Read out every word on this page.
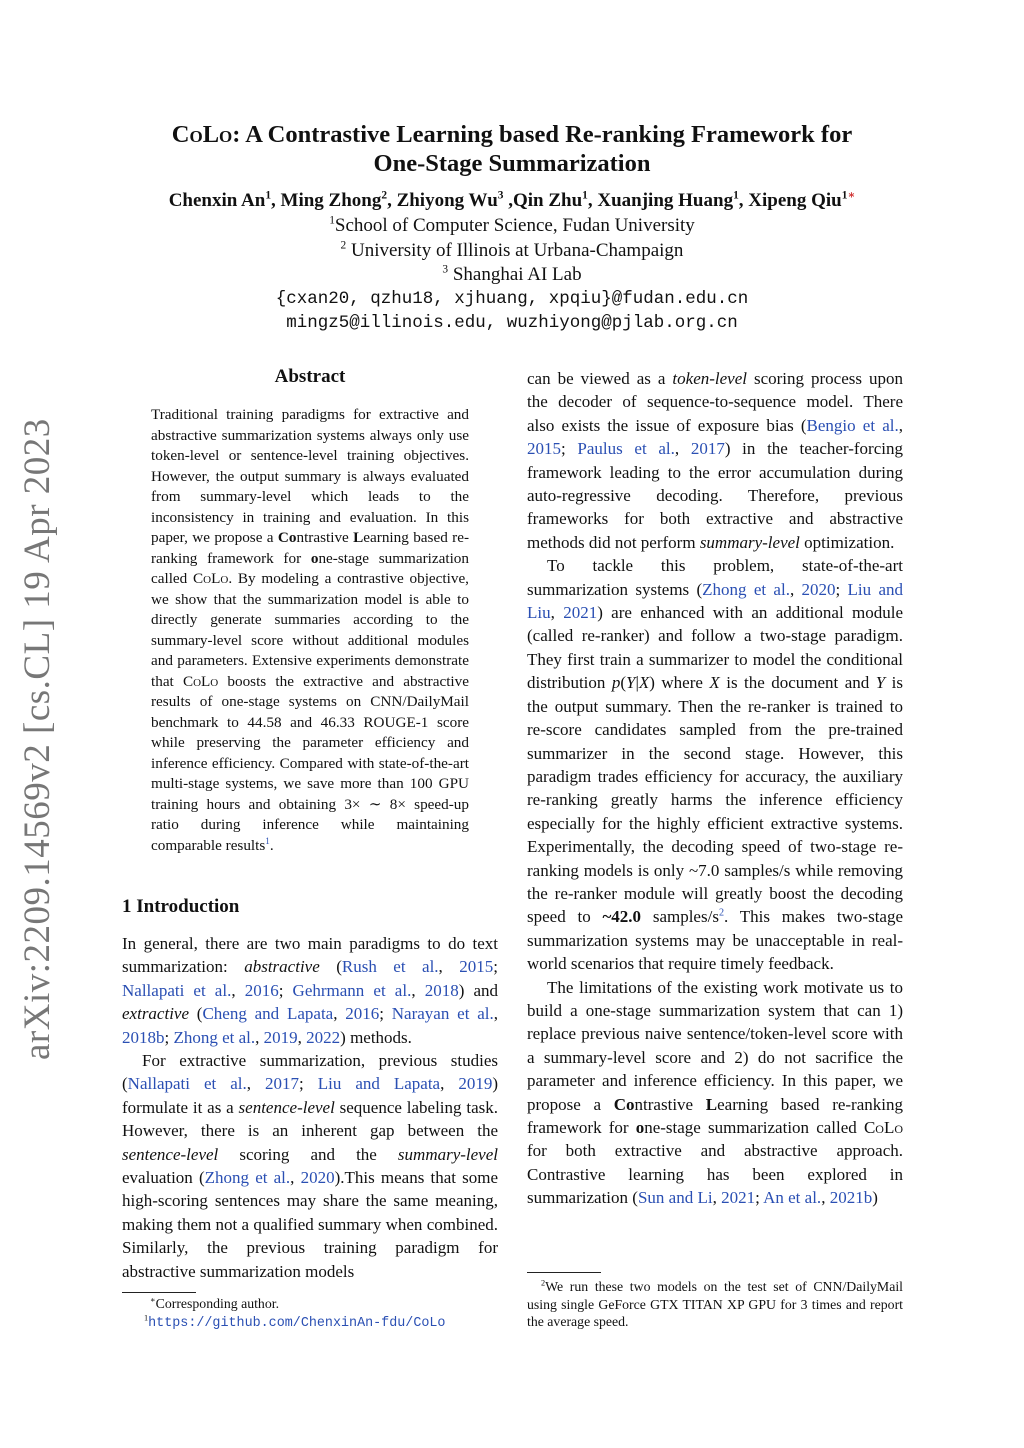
arXiv:2209.14569v2 [cs.CL] 19 Apr 2023
CoLo: A Contrastive Learning based Re-ranking Framework for
One-Stage Summarization
Chenxin An$^1$, Ming Zhong$^2$, Zhiyong Wu$^3$ ,Qin Zhu$^1$, Xuanjing Huang$^1$, Xipeng Qiu$^{1∗}$
$^1$School of Computer Science, Fudan University
$^2$ University of Illinois at Urbana-Champaign
$^3$ Shanghai AI Lab
{cxan20, qzhu18, xjhuang, xpqiu}@fudan.edu.cn
mingz5@illinois.edu, wuzhiyong@pjlab.org.cn
Abstract

Traditional training paradigms for extractive and abstractive summarization systems always only use token-level or sentence-level training objectives. However, the output summary is always evaluated from summary-level which leads to the inconsistency in training and evaluation. In this paper, we propose a Contrastive Learning based re-ranking framework for one-stage summarization called CoLo. By modeling a contrastive objective, we show that the summarization model is able to directly generate summaries according to the summary-level score without additional modules and parameters. Extensive experiments demonstrate that CoLo boosts the extractive and abstractive results of one-stage systems on CNN/DailyMail benchmark to 44.58 and 46.33 ROUGE-1 score while preserving the parameter efficiency and inference efficiency. Compared with state-of-the-art multi-stage systems, we save more than 100 GPU training hours and obtaining 3× ∼ 8× speed-up ratio during inference while maintaining comparable results$^1$.

1 Introduction

In general, there are two main paradigms to do text summarization: abstractive (Rush et al., 2015; Nallapati et al., 2016; Gehrmann et al., 2018) and extractive (Cheng and Lapata, 2016; Narayan et al., 2018b; Zhong et al., 2019, 2022) methods.

For extractive summarization, previous studies (Nallapati et al., 2017; Liu and Lapata, 2019) formulate it as a sentence-level sequence labeling task. However, there is an inherent gap between the sentence-level scoring and the summary-level evaluation (Zhong et al., 2020).This means that some high-scoring sentences may share the same meaning, making them not a qualified summary when combined. Similarly, the previous training paradigm for abstractive summarization models

∗Corresponding author.
$^1$https://github.com/ChenxinAn-fdu/CoLo

can be viewed as a token-level scoring process upon the decoder of sequence-to-sequence model. There also exists the issue of exposure bias (Bengio et al., 2015; Paulus et al., 2017) in the teacher-forcing framework leading to the error accumulation during auto-regressive decoding. Therefore, previous frameworks for both extractive and abstractive methods did not perform summary-level optimization.

To tackle this problem, state-of-the-art summarization systems (Zhong et al., 2020; Liu and Liu, 2021) are enhanced with an additional module (called re-ranker) and follow a two-stage paradigm. They first train a summarizer to model the conditional distribution p(Y|X) where X is the document and Y is the output summary. Then the re-ranker is trained to re-score candidates sampled from the pre-trained summarizer in the second stage. However, this paradigm trades efficiency for accuracy, the auxiliary re-ranking greatly harms the inference efficiency especially for the highly efficient extractive systems. Experimentally, the decoding speed of two-stage re-ranking models is only ~7.0 samples/s while removing the re-ranker module will greatly boost the decoding speed to ~42.0 samples/$s^2$. This makes two-stage summarization systems may be unacceptable in real-world scenarios that require timely feedback.

The limitations of the existing work motivate us to build a one-stage summarization system that can 1) replace previous naive sentence/token-level score with a summary-level score and 2) do not sacrifice the parameter and inference efficiency. In this paper, we propose a Contrastive Learning based re-ranking framework for one-stage summarization called CoLo for both extractive and abstractive approach. Contrastive learning has been explored in summarization (Sun and Li, 2021; An et al., 2021b)

$^2$We run these two models on the test set of CNN/DailyMail using single GeForce GTX TITAN XP GPU for 3 times and report the average speed.
